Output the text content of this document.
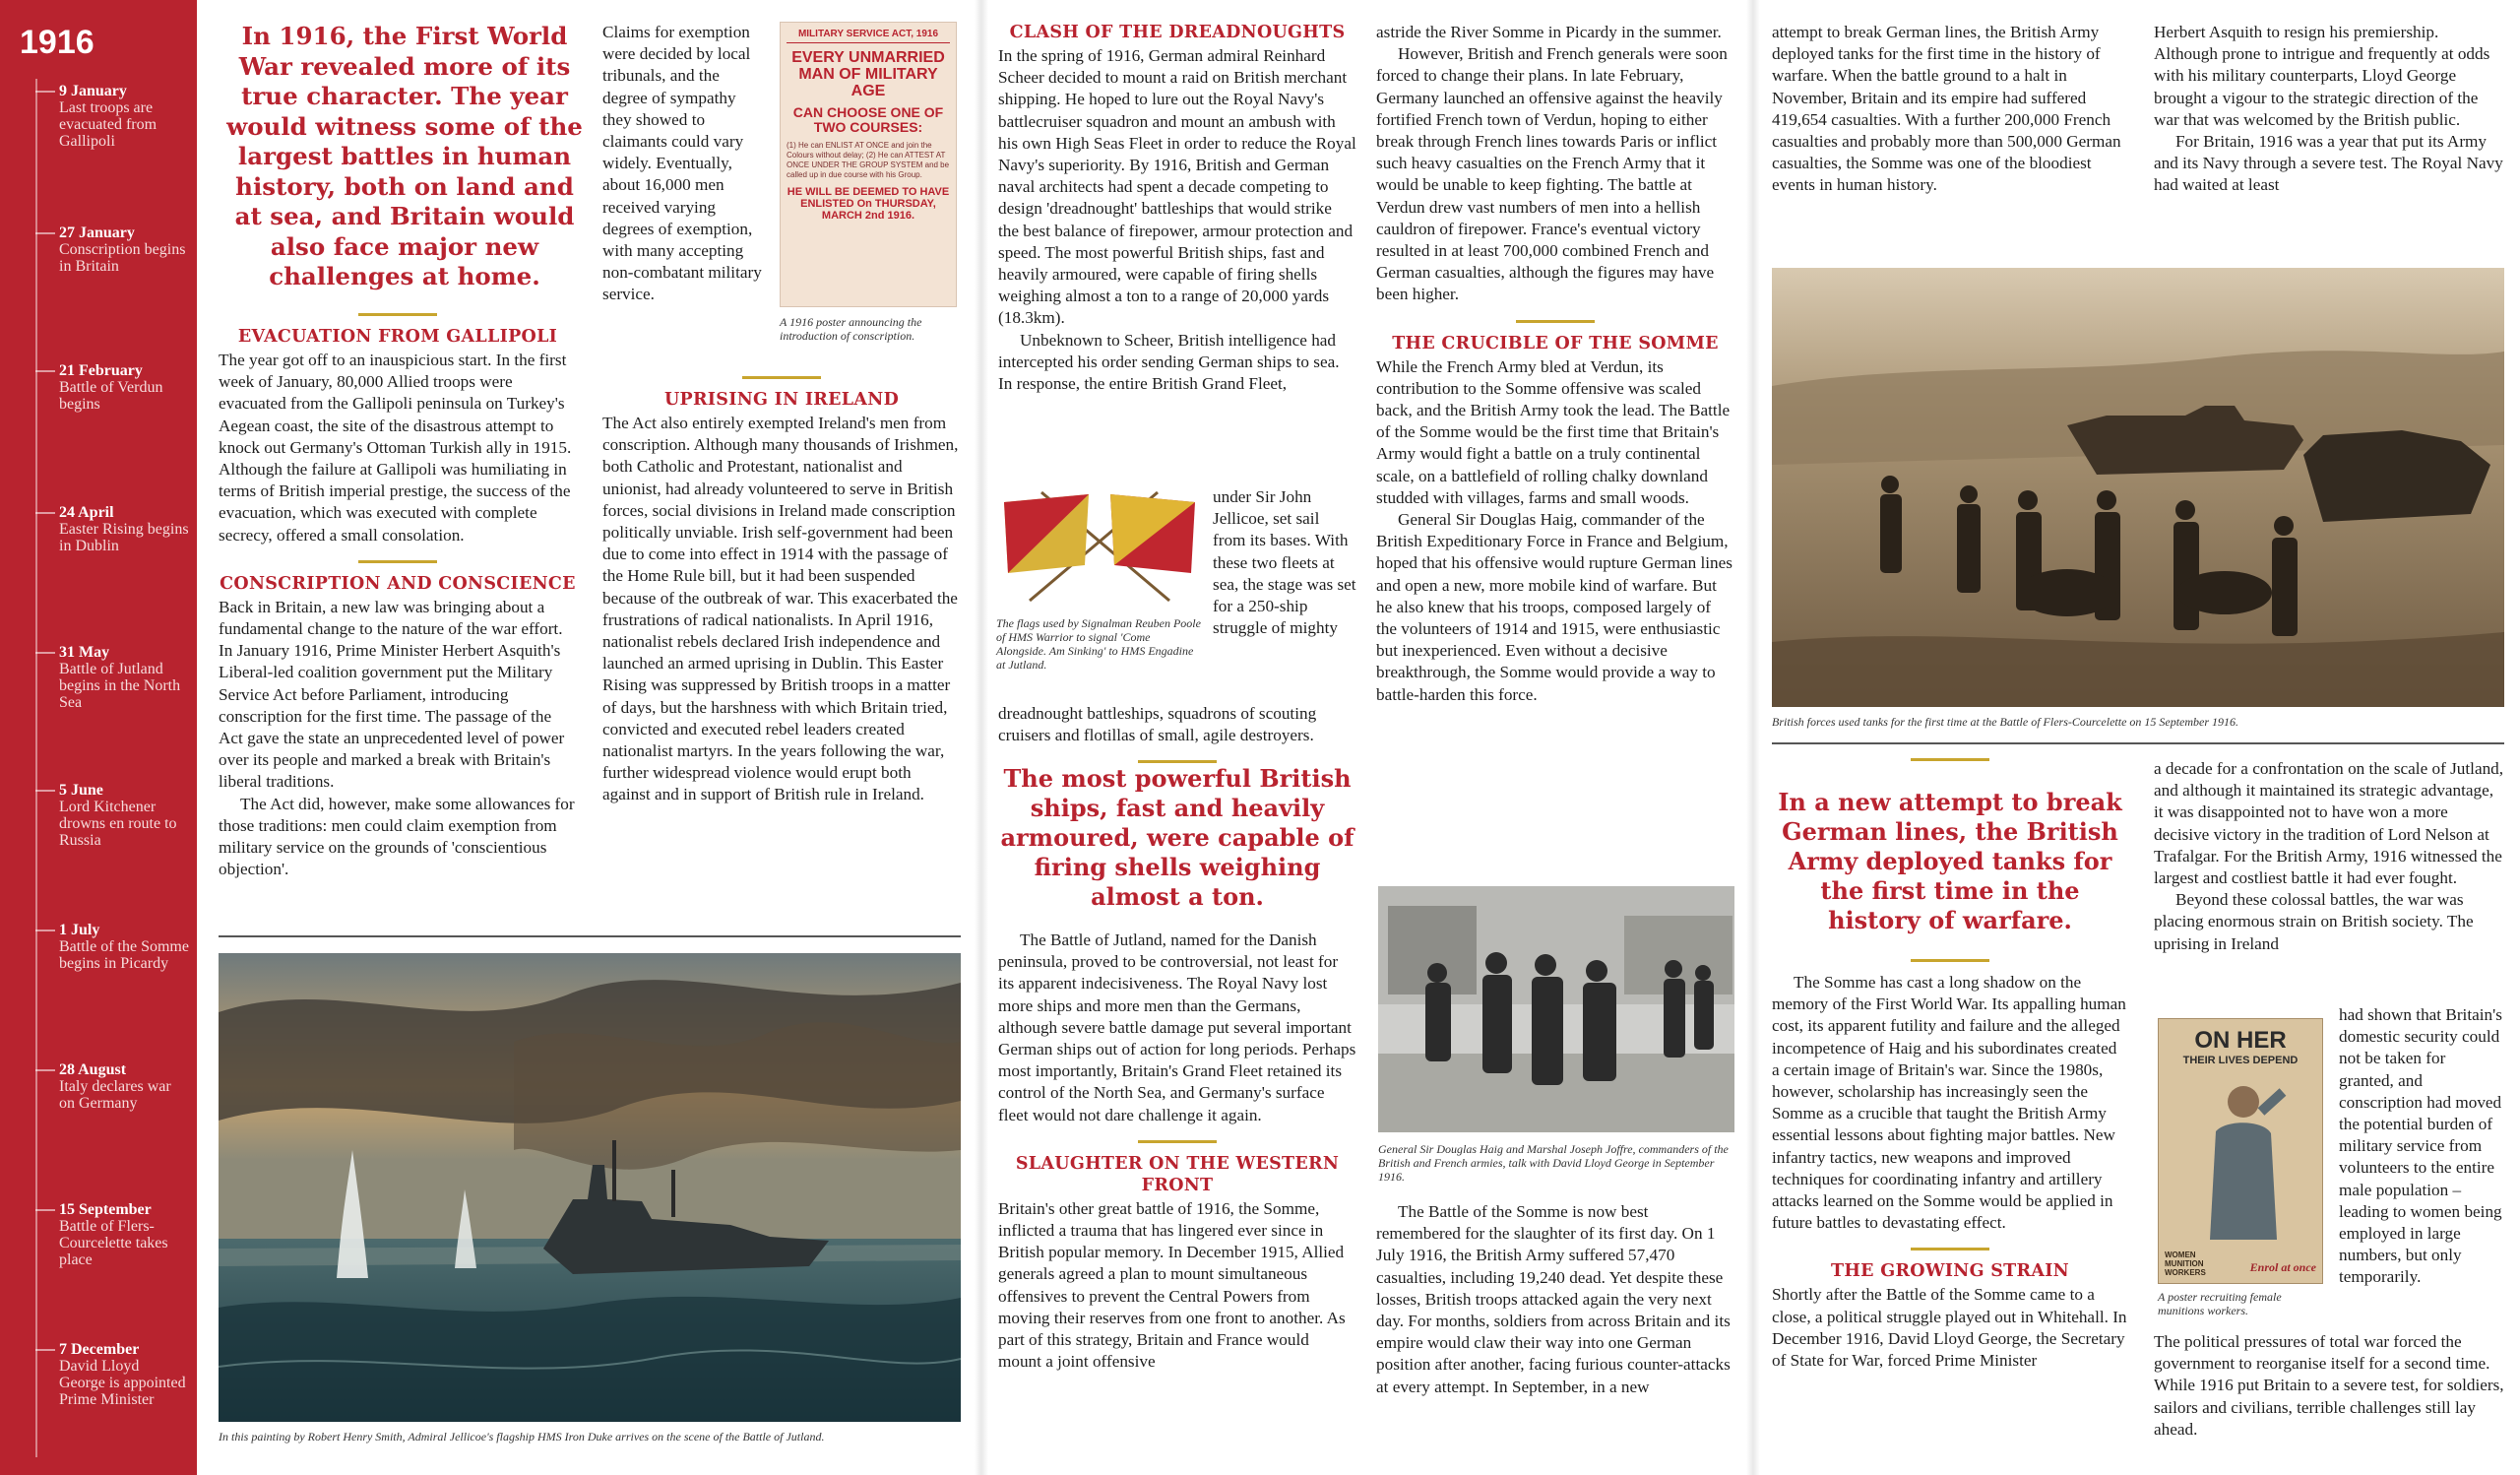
1916
9 January
Last troops are evacuated from Gallipoli
27 January
Conscription begins in Britain
21 February
Battle of Verdun begins
24 April
Easter Rising begins in Dublin
31 May
Battle of Jutland begins in the North Sea
5 June
Lord Kitchener drowns en route to Russia
1 July
Battle of the Somme begins in Picardy
28 August
Italy declares war on Germany
15 September
Battle of Flers-Courcelette takes place
7 December
David Lloyd George is appointed Prime Minister
In 1916, the First World War revealed more of its true character. The year would witness some of the largest battles in human history, both on land and at sea, and Britain would also face major new challenges at home.
EVACUATION FROM GALLIPOLI

The year got off to an inauspicious start. In the first week of January, 80,000 Allied troops were evacuated from the Gallipoli peninsula on Turkey's Aegean coast, the site of the disastrous attempt to knock out Germany's Ottoman Turkish ally in 1915. Although the failure at Gallipoli was humiliating in terms of British imperial prestige, the success of the evacuation, which was executed with complete secrecy, offered a small consolation.

CONSCRIPTION AND CONSCIENCE

Back in Britain, a new law was bringing about a fundamental change to the nature of the war effort. In January 1916, Prime Minister Herbert Asquith's Liberal-led coalition government put the Military Service Act before Parliament, introducing conscription for the first time. The passage of the Act gave the state an unprecedented level of power over its people and marked a break with Britain's liberal traditions.

The Act did, however, make some allowances for those traditions: men could claim exemption from military service on the grounds of 'conscientious objection'.

Claims for exemption were decided by local tribunals, and the degree of sympathy they showed to claimants could vary widely. Eventually, about 16,000 men received varying degrees of exemption, with many accepting non-combatant military service.

MILITARY SERVICE ACT, 1916
EVERY UNMARRIED MAN OF MILITARY AGE
CAN CHOOSE ONE OF TWO COURSES:
(1) He can ENLIST AT ONCE and join the Colours without delay; (2) He can ATTEST AT ONCE UNDER THE GROUP SYSTEM and be called up in due course with his Group.
HE WILL BE DEEMED TO HAVE ENLISTED On THURSDAY, MARCH 2nd 1916.
A 1916 poster announcing the introduction of conscription.
UPRISING IN IRELAND

The Act also entirely exempted Ireland's men from conscription. Although many thousands of Irishmen, both Catholic and Protestant, nationalist and unionist, had already volunteered to serve in British forces, social divisions in Ireland made conscription politically unviable. Irish self-government had been due to come into effect in 1914 with the passage of the Home Rule bill, but it had been suspended because of the outbreak of war. This exacerbated the frustrations of radical nationalists. In April 1916, nationalist rebels declared Irish independence and launched an armed uprising in Dublin. This Easter Rising was suppressed by British troops in a matter of days, but the harshness with which Britain tried, convicted and executed rebel leaders created nationalist martyrs. In the years following the war, further widespread violence would erupt both against and in support of British rule in Ireland.

In this painting by Robert Henry Smith, Admiral Jellicoe's flagship HMS Iron Duke arrives on the scene of the Battle of Jutland.
CLASH OF THE DREADNOUGHTS

In the spring of 1916, German admiral Reinhard Scheer decided to mount a raid on British merchant shipping. He hoped to lure out the Royal Navy's battlecruiser squadron and mount an ambush with his own High Seas Fleet in order to reduce the Royal Navy's superiority. By 1916, British and German naval architects had spent a decade competing to design 'dreadnought' battleships that would strike the best balance of firepower, armour protection and speed. The most powerful British ships, fast and heavily armoured, were capable of firing shells weighing almost a ton to a range of 20,000 yards (18.3km).

Unbeknown to Scheer, British intelligence had intercepted his order sending German ships to sea. In response, the entire British Grand Fleet,

The flags used by Signalman Reuben Poole of HMS Warrior to signal 'Come Alongside. Am Sinking' to HMS Engadine at Jutland.

under Sir John Jellicoe, set sail from its bases. With these two fleets at sea, the stage was set for a 250-ship struggle of mighty

dreadnought battleships, squadrons of scouting cruisers and flotillas of small, agile destroyers.

The most powerful British ships, fast and heavily armoured, were capable of firing shells weighing almost a ton.

The Battle of Jutland, named for the Danish peninsula, proved to be controversial, not least for its apparent indecisiveness. The Royal Navy lost more ships and more men than the Germans, although severe battle damage put several important German ships out of action for long periods. Perhaps most importantly, Britain's Grand Fleet retained its control of the North Sea, and Germany's surface fleet would not dare challenge it again.

SLAUGHTER ON THE WESTERN FRONT

Britain's other great battle of 1916, the Somme, inflicted a trauma that has lingered ever since in British popular memory. In December 1915, Allied generals agreed a plan to mount simultaneous offensives to prevent the Central Powers from moving their reserves from one front to another. As part of this strategy, Britain and France would mount a joint offensive

astride the River Somme in Picardy in the summer.

However, British and French generals were soon forced to change their plans. In late February, Germany launched an offensive against the heavily fortified French town of Verdun, hoping to either break through French lines towards Paris or inflict such heavy casualties on the French Army that it would be unable to keep fighting. The battle at Verdun drew vast numbers of men into a hellish cauldron of firepower. France's eventual victory resulted in at least 700,000 combined French and German casualties, although the figures may have been higher.

THE CRUCIBLE OF THE SOMME

While the French Army bled at Verdun, its contribution to the Somme offensive was scaled back, and the British Army took the lead. The Battle of the Somme would be the first time that Britain's Army would fight a battle on a truly continental scale, on a battlefield of rolling chalky downland studded with villages, farms and small woods.

General Sir Douglas Haig, commander of the British Expeditionary Force in France and Belgium, hoped that his offensive would rupture German lines and open a new, more mobile kind of warfare. But he also knew that his troops, composed largely of the volunteers of 1914 and 1915, were enthusiastic but inexperienced. Even without a decisive breakthrough, the Somme would provide a way to battle-harden this force.

General Sir Douglas Haig and Marshal Joseph Joffre, commanders of the British and French armies, talk with David Lloyd George in September 1916.

The Battle of the Somme is now best remembered for the slaughter of its first day. On 1 July 1916, the British Army suffered 57,470 casualties, including 19,240 dead. Yet despite these losses, British troops attacked again the very next day. For months, soldiers from across Britain and its empire would claw their way into one German position after another, facing furious counter-attacks at every attempt. In September, in a new

attempt to break German lines, the British Army deployed tanks for the first time in the history of warfare. When the battle ground to a halt in November, Britain and its empire had suffered 419,654 casualties. With a further 200,000 French casualties and probably more than 500,000 German casualties, the Somme was one of the bloodiest events in human history.

Herbert Asquith to resign his premiership. Although prone to intrigue and frequently at odds with his military counterparts, Lloyd George brought a vigour to the strategic direction of the war that was welcomed by the British public.

For Britain, 1916 was a year that put its Army and its Navy through a severe test. The Royal Navy had waited at least

British forces used tanks for the first time at the Battle of Flers-Courcelette on 15 September 1916.
In a new attempt to break German lines, the British Army deployed tanks for the first time in the history of warfare.

The Somme has cast a long shadow on the memory of the First World War. Its appalling human cost, its apparent futility and failure and the alleged incompetence of Haig and his subordinates created a certain image of Britain's war. Since the 1980s, however, scholarship has increasingly seen the Somme as a crucible that taught the British Army essential lessons about fighting major battles. New infantry tactics, new weapons and improved techniques for coordinating infantry and artillery attacks learned on the Somme would be applied in future battles to devastating effect.

THE GROWING STRAIN

Shortly after the Battle of the Somme came to a close, a political struggle played out in Whitehall. In December 1916, David Lloyd George, the Secretary of State for War, forced Prime Minister

a decade for a confrontation on the scale of Jutland, and although it maintained its strategic advantage, it was disappointed not to have won a more decisive victory in the tradition of Lord Nelson at Trafalgar. For the British Army, 1916 witnessed the largest and costliest battle it had ever fought.

Beyond these colossal battles, the war was placing enormous strain on British society. The uprising in Ireland

ON HER
THEIR LIVES DEPEND
WOMEN MUNITION WORKERS	Enrol at once
A poster recruiting female munitions workers.

had shown that Britain's domestic security could not be taken for granted, and conscription had moved the potential burden of military service from volunteers to the entire male population – leading to women being employed in large numbers, but only temporarily.

The political pressures of total war forced the government to reorganise itself for a second time. While 1916 put Britain to a severe test, for soldiers, sailors and civilians, terrible challenges still lay ahead.
